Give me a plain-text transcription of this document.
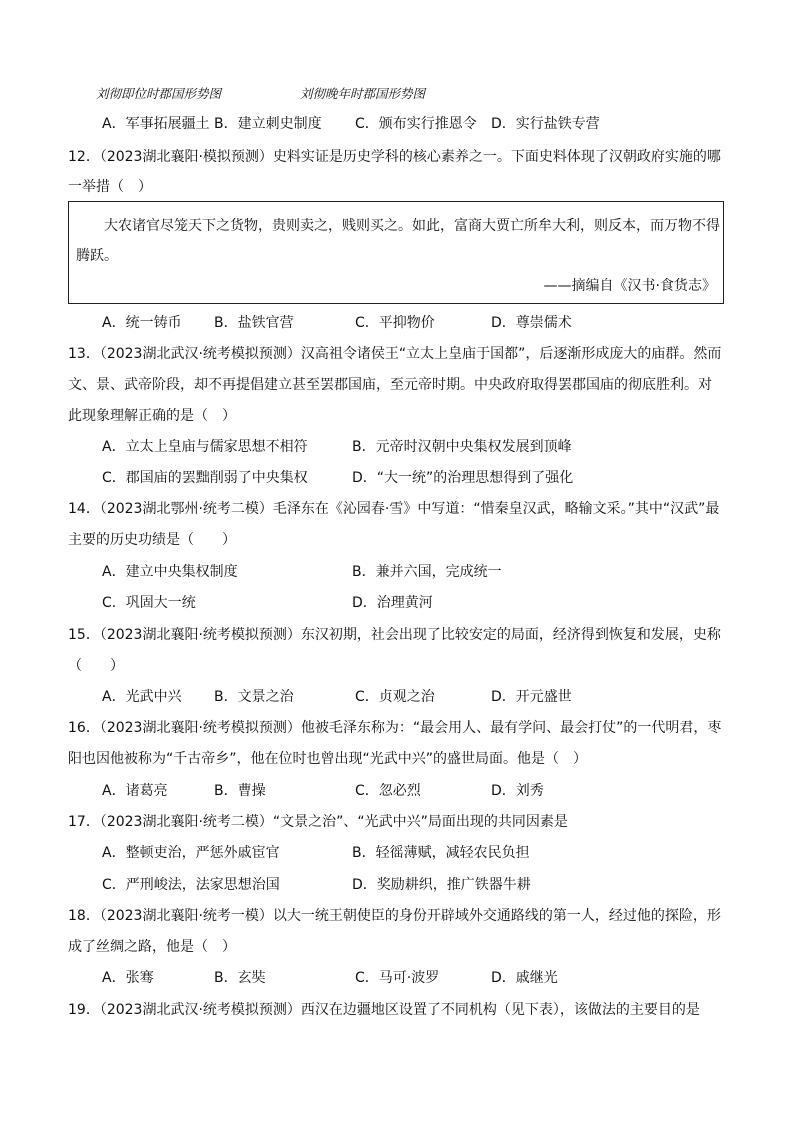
刘彻即位时郡国形势图	刘彻晚年时郡国形势图
A．军事拓展疆土 B．建立刺史制度 C．颁布实行推恩令 D．实行盐铁专营
12．（2023湖北襄阳·模拟预测）史料实证是历史学科的核心素养之一。下面史料体现了汉朝政府实施的哪
一举措（　）
大农诸官尽笼天下之货物，贵则卖之，贱则买之。如此，富商大贾亡所牟大利，则反本，而万物不得
腾跃。
——摘编自《汉书·食货志》
A．统一铸币 B．盐铁官营	C．平抑物价	D．尊崇儒术
13．（2023湖北武汉·统考模拟预测）汉高祖令诸侯王“立太上皇庙于国都”，后逐渐形成庞大的庙群。然而
文、景、武帝阶段，却不再提倡建立甚至罢郡国庙，至元帝时期。中央政府取得罢郡国庙的彻底胜利。对
此现象理解正确的是（　）
A．立太上皇庙与儒家思想不相符	B．元帝时汉朝中央集权发展到顶峰
C．郡国庙的罢黜削弱了中央集权	D．“大一统”的治理思想得到了强化
14．（2023湖北鄂州·统考二模）毛泽东在《沁园春·雪》中写道：“惜秦皇汉武，略输文采。”其中“汉武”最
主要的历史功绩是（　　）
A．建立中央集权制度	B．兼并六国，完成统一
C．巩固大一统	D．治理黄河
15．（2023湖北襄阳·统考模拟预测）东汉初期，社会出现了比较安定的局面，经济得到恢复和发展，史称
（　　）
A．光武中兴 B．文景之治	C．贞观之治	D．开元盛世
16．（2023湖北襄阳·统考模拟预测）他被毛泽东称为：“最会用人、最有学问、最会打仗”的一代明君，枣
阳也因他被称为“千古帝乡”，他在位时也曾出现“光武中兴”的盛世局面。他是（　）
A．诸葛亮	B．曹操	C．忽必烈	D．刘秀
17．（2023湖北襄阳·统考二模）“文景之治”、“光武中兴”局面出现的共同因素是
A．整顿吏治，严惩外戚宦官	B．轻徭薄赋，减轻农民负担
C．严刑峻法，法家思想治国	D．奖励耕织，推广铁器牛耕
18．（2023湖北襄阳·统考一模）以大一统王朝使臣的身份开辟域外交通路线的第一人，经过他的探险，形
成了丝绸之路，他是（　）
A．张骞	B．玄奘	C．马可·波罗	D．戚继光
19．（2023湖北武汉·统考模拟预测）西汉在边疆地区设置了不同机构（见下表），该做法的主要目的是
